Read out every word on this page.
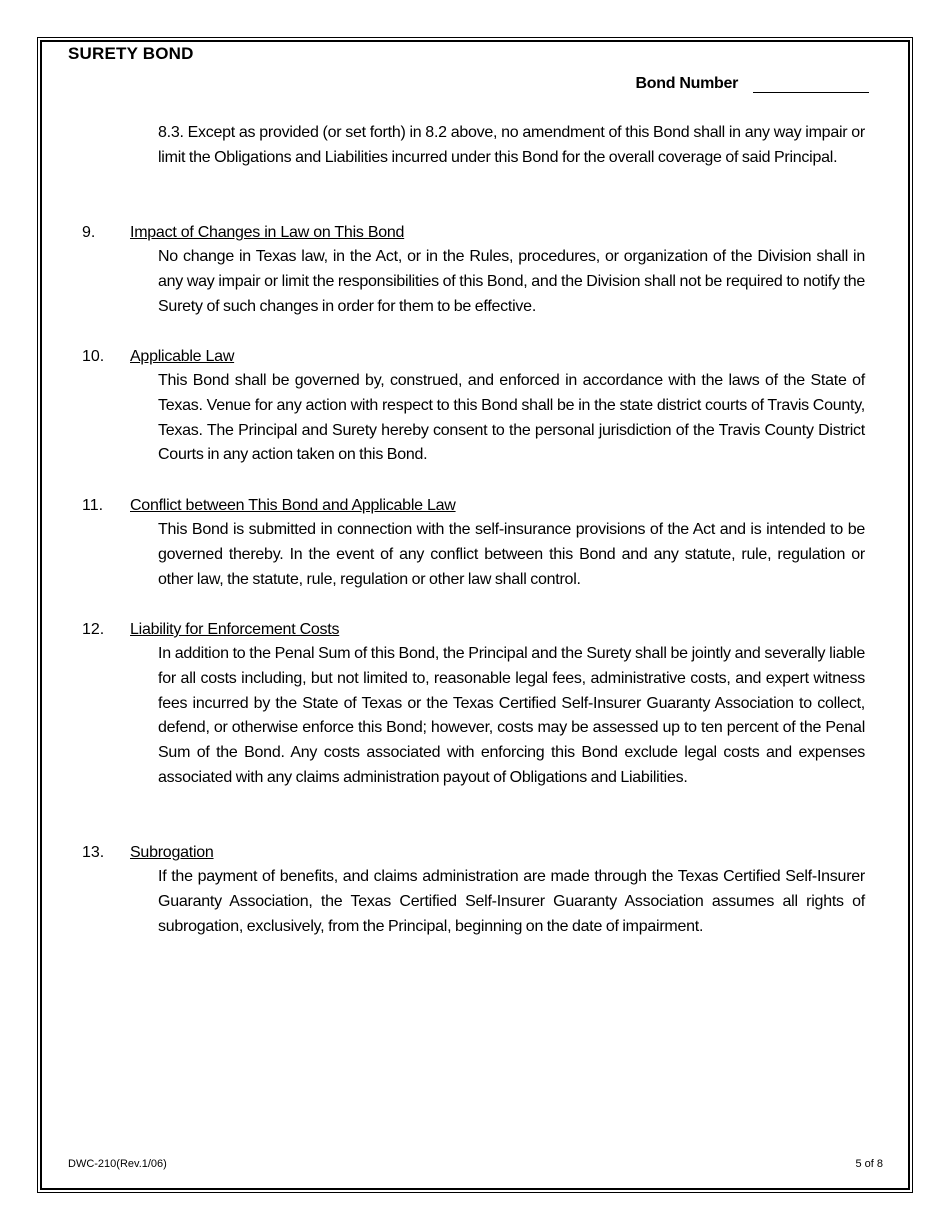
SURETY BOND
Bond Number
8.3. Except as provided (or set forth) in 8.2 above, no amendment of this Bond shall in any way impair or limit the Obligations and Liabilities incurred under this Bond for the overall coverage of said Principal.
9. Impact of Changes in Law on This Bond
No change in Texas law, in the Act, or in the Rules, procedures, or organization of the Division shall in any way impair or limit the responsibilities of this Bond, and the Division shall not be required to notify the Surety of such changes in order for them to be effective.
10. Applicable Law
This Bond shall be governed by, construed, and enforced in accordance with the laws of the State of Texas. Venue for any action with respect to this Bond shall be in the state district courts of Travis County, Texas. The Principal and Surety hereby consent to the personal jurisdiction of the Travis County District Courts in any action taken on this Bond.
11. Conflict between This Bond and Applicable Law
This Bond is submitted in connection with the self-insurance provisions of the Act and is intended to be governed thereby. In the event of any conflict between this Bond and any statute, rule, regulation or other law, the statute, rule, regulation or other law shall control.
12. Liability for Enforcement Costs
In addition to the Penal Sum of this Bond, the Principal and the Surety shall be jointly and severally liable for all costs including, but not limited to, reasonable legal fees, administrative costs, and expert witness fees incurred by the State of Texas or the Texas Certified Self-Insurer Guaranty Association to collect, defend, or otherwise enforce this Bond; however, costs may be assessed up to ten percent of the Penal Sum of the Bond. Any costs associated with enforcing this Bond exclude legal costs and expenses associated with any claims administration payout of Obligations and Liabilities.
13. Subrogation
If the payment of benefits, and claims administration are made through the Texas Certified Self-Insurer Guaranty Association, the Texas Certified Self-Insurer Guaranty Association assumes all rights of subrogation, exclusively, from the Principal, beginning on the date of impairment.
DWC-210(Rev.1/06)	5 of 8
